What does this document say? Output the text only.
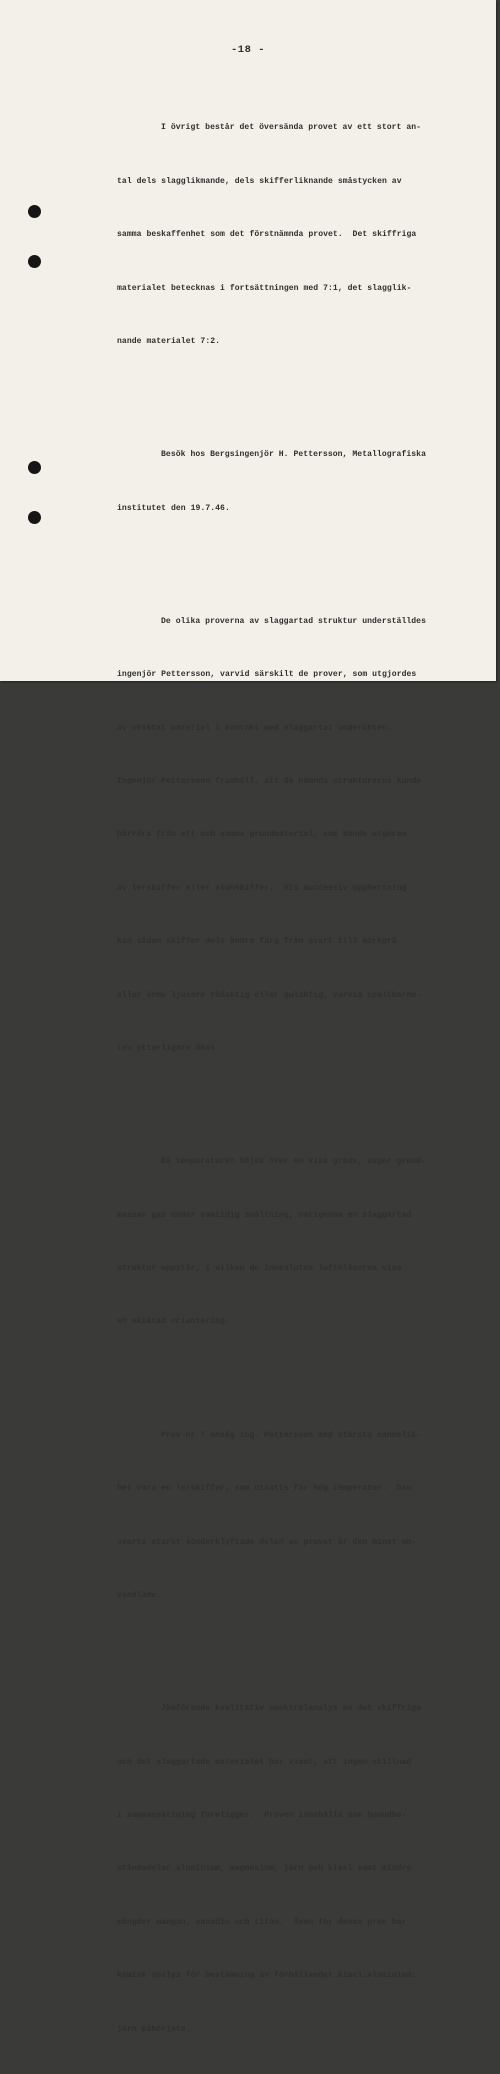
-18 -

I övrigt består det översända provet av ett stort an-

tal dels slagglikmande, dels skifferliknande småstycken av

samma beskaffenhet som det förstnämnda provet.  Det skiffriga

materialet betecknas i fortsättningen med 7:1, det slagglik-

nande materialet 7:2.

Besök hos Bergsingenjör H. Pettersson, Metallografiska

institutet den 19.7.46.

De olika proverna av slaggartad struktur underställdes

ingenjör Pettersson, varvid särskilt de prover, som utgjordes

av skiktat material i kontakt med slaggartat underökten.

Ingenjör Pettersson framhöll, att de nämnda strukturerna kunde

härröra från ett och samma grundmaterial, som kunde utgöras

av lerskiffer eller alunskiffer.  Vid successiv upphettning

kan sådan skiffer dels ändra färg från svart till mörkgrå

eller ännu ljusare rödaktig eller gulaktig, varvid spaltbarhe-

ten ytterligare ökas.

Då temperaturen höjes över en viss gräns, avger grund-

massan gas under samtidig smältning, varigenom en slaggartad

struktur uppstår, i vilken de inneslutna luftblåsorna visa

en skiktad orientering.

Prov nr 7 ansåg ing. Pettersson med största sannolik-

het vara en lerskiffer, som utsatts för hög temperatur.  Den

svarta starkt sönderklyftade delen av provet är den minst om-

vandlade.

Jämförande kvalitativ spektralanalys av det skiffriga

och det slaggartade materialet har visat, att ingen skillnad

i sammansättning föreligger.  Proven innehålla som huvudbe-

ståndsdelar aluminium, magnesium, järn och kisel samt mindre

mängder mangan, vanadin och titan.  Även för dessa prov har

kemisk analys för bestämning av förhållandet kisel:aluminium:

järn påbörjats.
